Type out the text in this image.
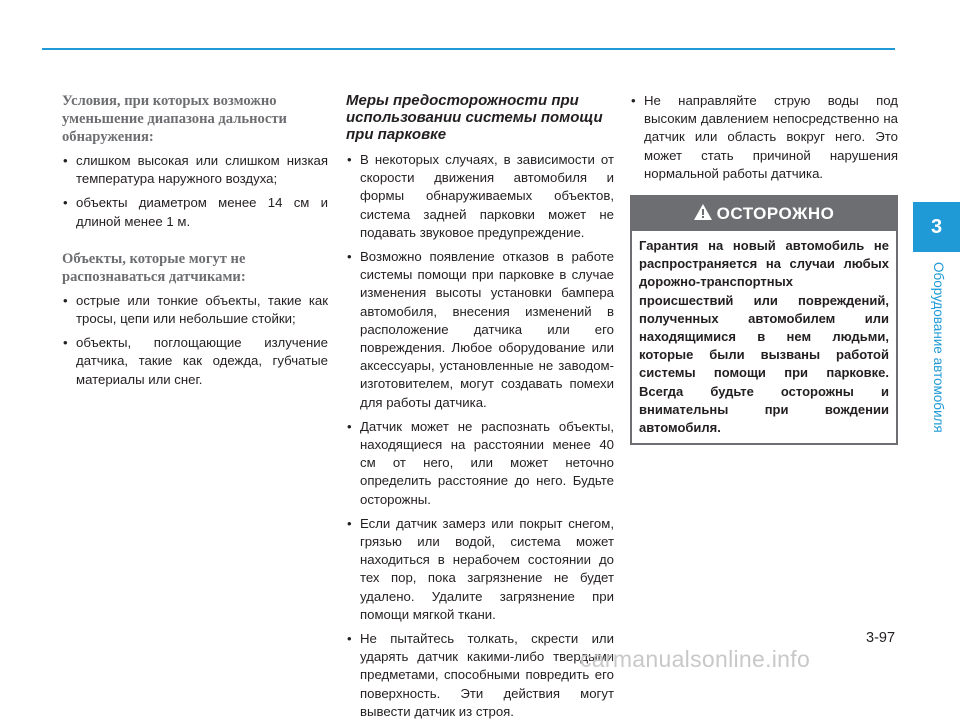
Условия, при которых возможно уменьшение диапазона дальности обнаружения:
• слишком высокая или слишком низкая температура наружного воздуха;
• объекты диаметром менее 14 см и длиной менее 1 м.
Объекты, которые могут не распознаваться датчиками:
• острые или тонкие объекты, такие как тросы, цепи или небольшие стойки;
• объекты, поглощающие излучение датчика, такие как одежда, губчатые материалы или снег.
Меры предосторожности при использовании системы помощи при парковке
• В некоторых случаях, в зависимости от скорости движения автомобиля и формы обнаруживаемых объектов, система задней парковки может не подавать звуковое предупреждение.
• Возможно появление отказов в работе системы помощи при парковке в случае изменения высоты установки бампера автомобиля, внесения изменений в расположение датчика или его повреждения. Любое оборудование или аксессуары, установленные не заводом-изготовителем, могут создавать помехи для работы датчика.
• Датчик может не распознать объекты, находящиеся на расстоянии менее 40 см от него, или может неточно определить расстояние до него. Будьте осторожны.
• Если датчик замерз или покрыт снегом, грязью или водой, система может находиться в нерабочем состоянии до тех пор, пока загрязнение не будет удалено. Удалите загрязнение при помощи мягкой ткани.
• Не пытайтесь толкать, скрести или ударять датчик какими-либо твердыми предметами, способными повредить его поверхность. Эти действия могут вывести датчик из строя.
• Не направляйте струю воды под высоким давлением непосредственно на датчик или область вокруг него. Это может стать причиной нарушения нормальной работы датчика.
ОСТОРОЖНО
Гарантия на новый автомобиль не распространяется на случаи любых дорожно-транспортных происшествий или повреждений, полученных автомобилем или находящимися в нем людьми, которые были вызваны работой системы помощи при парковке. Всегда будьте осторожны и внимательны при вождении автомобиля.
3
Оборудование автомобиля
3-97
carmanualsonline.info
